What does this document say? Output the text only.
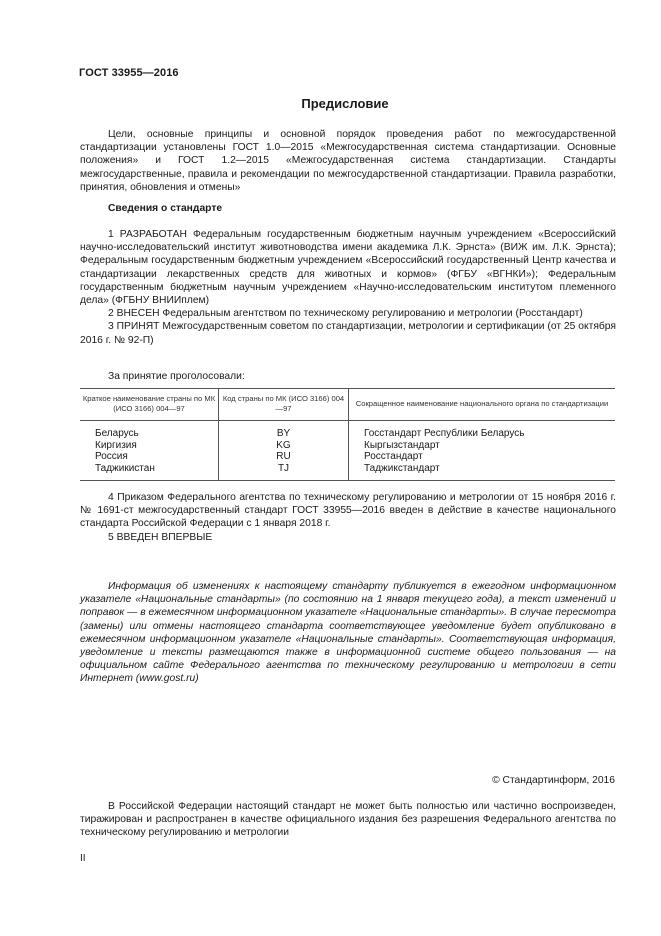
ГОСТ 33955—2016
Предисловие

Цели, основные принципы и основной порядок проведения работ по межгосударственной стандартизации установлены ГОСТ 1.0—2015 «Межгосударственная система стандартизации. Основные положения» и ГОСТ 1.2—2015 «Межгосударственная система стандартизации. Стандарты межгосударственные, правила и рекомендации по межгосударственной стандартизации. Правила разработки, принятия, обновления и отмены»

Сведения о стандарте

1 РАЗРАБОТАН Федеральным государственным бюджетным научным учреждением «Всероссийский научно-исследовательский институт животноводства имени академика Л.К. Эрнста» (ВИЖ им. Л.К. Эрнста); Федеральным государственным бюджетным учреждением «Всероссийский государственный Центр качества и стандартизации лекарственных средств для животных и кормов» (ФГБУ «ВГНКИ»); Федеральным государственным бюджетным научным учреждением «Научно-исследовательским институтом племенного дела» (ФГБНУ ВНИИплем)

2 ВНЕСЕН Федеральным агентством по техническому регулированию и метрологии (Росстандарт)

3 ПРИНЯТ Межгосударственным советом по стандартизации, метрологии и сертификации (от 25 октября 2016 г. № 92-П)

За принятие проголосовали:
Краткое наименование страны по МК (ИСО 3166) 004—97	Код страны по МК (ИСО 3166) 004—97	Сокращенное наименование национального органа по стандартизации
Беларусь	BY	Госстандарт Республики Беларусь
Киргизия	KG	Кыргызстандарт
Россия	RU	Росстандарт
Таджикистан	TJ	Таджикстандарт

4 Приказом Федерального агентства по техническому регулированию и метрологии от 15 ноября 2016 г. № 1691-ст межгосударственный стандарт ГОСТ 33955—2016 введен в действие в качестве национального стандарта Российской Федерации с 1 января 2018 г.

5 ВВЕДЕН ВПЕРВЫЕ

Информация об изменениях к настоящему стандарту публикуется в ежегодном информационном указателе «Национальные стандарты» (по состоянию на 1 января текущего года), а текст изменений и поправок — в ежемесячном информационном указателе «Национальные стандарты». В случае пересмотра (замены) или отмены настоящего стандарта соответствующее уведомление будет опубликовано в ежемесячном информационном указателе «Национальные стандарты». Соответствующая информация, уведомление и тексты размещаются также в информационной системе общего пользования — на официальном сайте Федерального агентства по техническому регулированию и метрологии в сети Интернет (www.gost.ru)

© Стандартинформ, 2016

В Российской Федерации настоящий стандарт не может быть полностью или частично воспроизведен, тиражирован и распространен в качестве официального издания без разрешения Федерального агентства по техническому регулированию и метрологии

II
